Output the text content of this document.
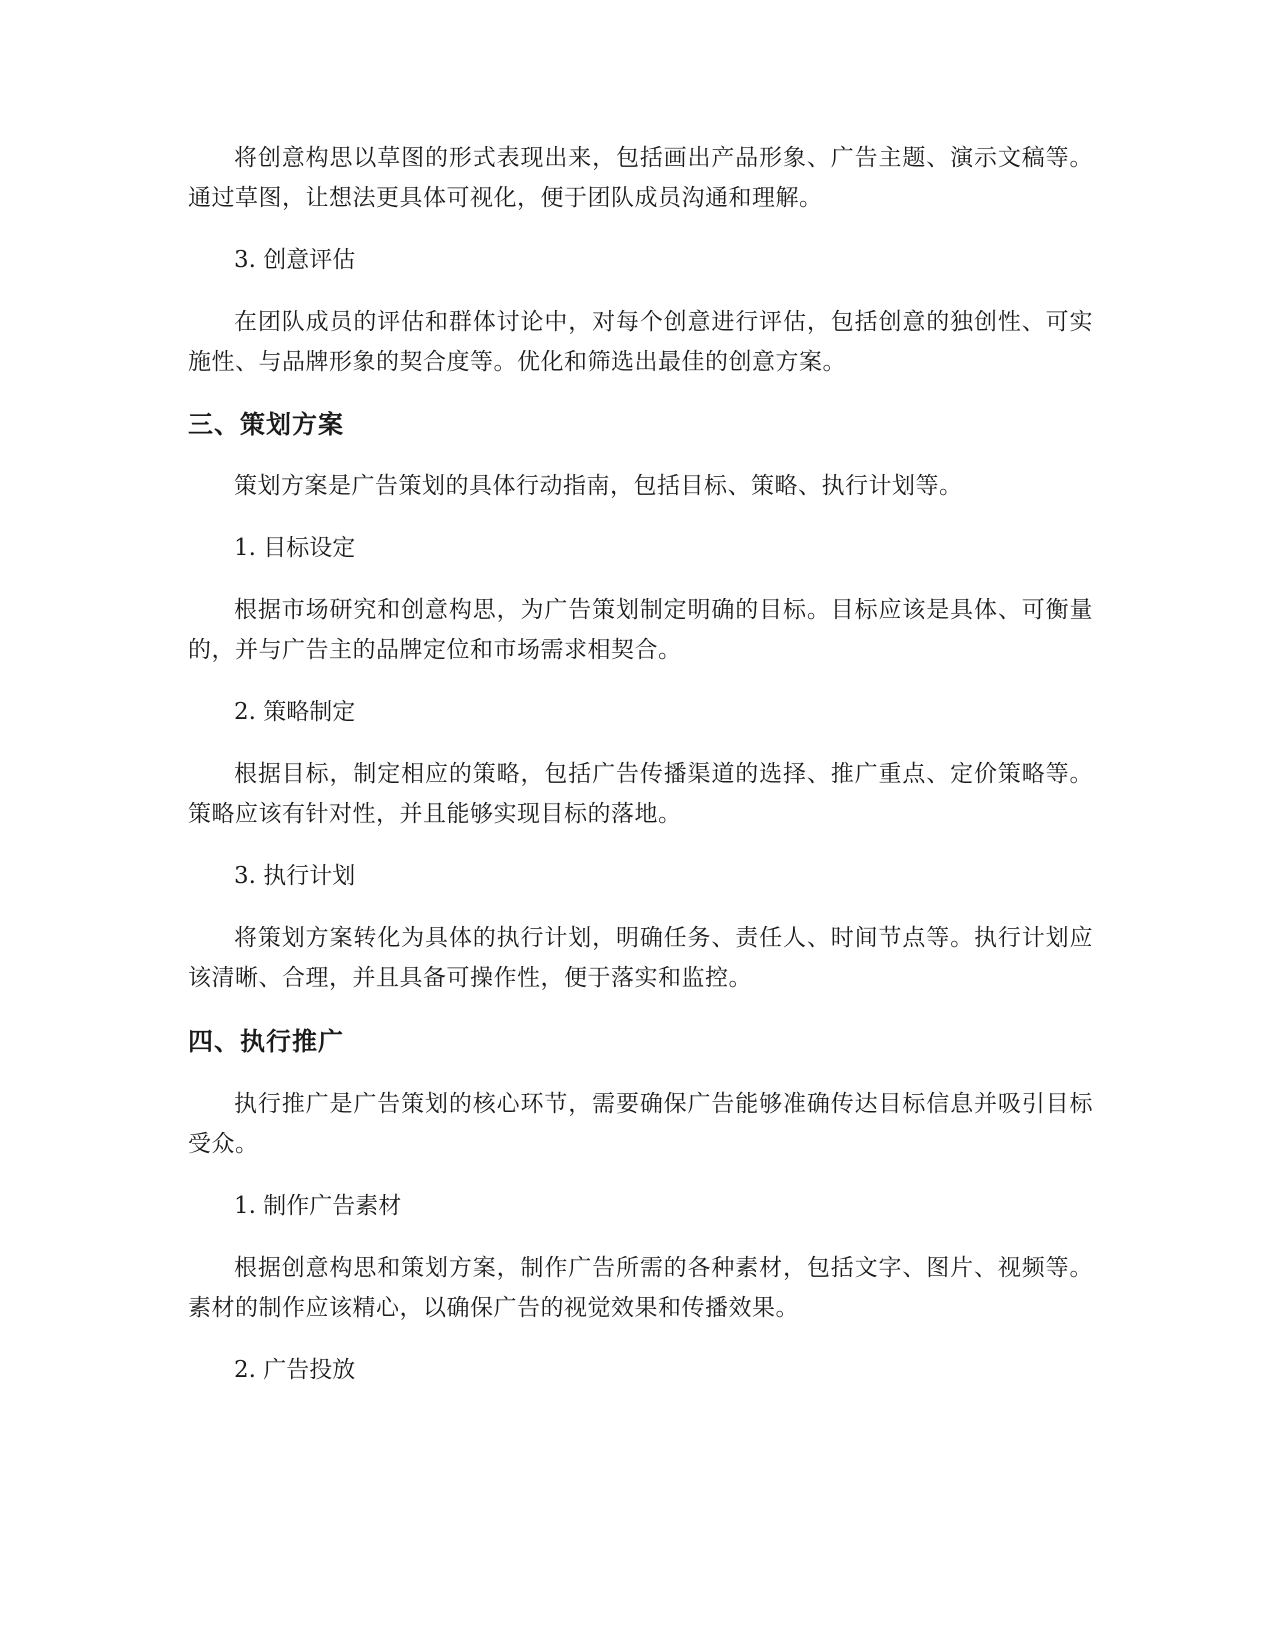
将创意构思以草图的形式表现出来，包括画出产品形象、广告主题、演示文稿等。通过草图，让想法更具体可视化，便于团队成员沟通和理解。

3. 创意评估

在团队成员的评估和群体讨论中，对每个创意进行评估，包括创意的独创性、可实施性、与品牌形象的契合度等。优化和筛选出最佳的创意方案。

三、策划方案

策划方案是广告策划的具体行动指南，包括目标、策略、执行计划等。

1. 目标设定

根据市场研究和创意构思，为广告策划制定明确的目标。目标应该是具体、可衡量的，并与广告主的品牌定位和市场需求相契合。

2. 策略制定

根据目标，制定相应的策略，包括广告传播渠道的选择、推广重点、定价策略等。策略应该有针对性，并且能够实现目标的落地。

3. 执行计划

将策划方案转化为具体的执行计划，明确任务、责任人、时间节点等。执行计划应该清晰、合理，并且具备可操作性，便于落实和监控。

四、执行推广

执行推广是广告策划的核心环节，需要确保广告能够准确传达目标信息并吸引目标受众。

1. 制作广告素材

根据创意构思和策划方案，制作广告所需的各种素材，包括文字、图片、视频等。素材的制作应该精心，以确保广告的视觉效果和传播效果。

2. 广告投放
